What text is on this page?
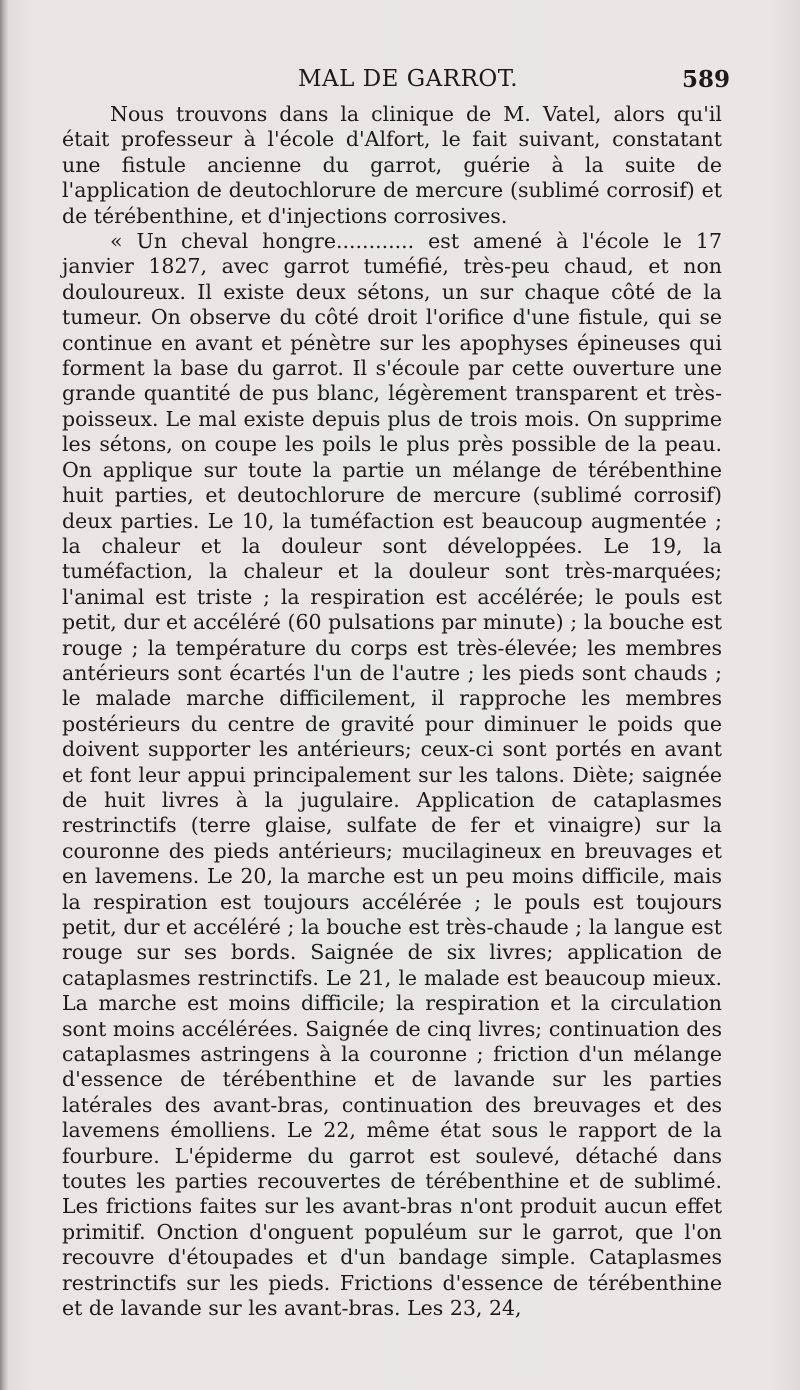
MAL DE GARROT.	589

Nous trouvons dans la clinique de M. Vatel, alors qu'il était professeur à l'école d'Alfort, le fait suivant, constatant une fistule ancienne du garrot, guérie à la suite de l'application de deutochlorure de mercure (sublimé corrosif) et de térébenthine, et d'injections corrosives.

« Un cheval hongre............ est amené à l'école le 17 janvier 1827, avec garrot tuméfié, très-peu chaud, et non douloureux. Il existe deux sétons, un sur chaque côté de la tumeur. On observe du côté droit l'orifice d'une fistule, qui se continue en avant et pénètre sur les apophyses épineuses qui forment la base du garrot. Il s'écoule par cette ouverture une grande quantité de pus blanc, légèrement transparent et très-poisseux. Le mal existe depuis plus de trois mois. On supprime les sétons, on coupe les poils le plus près possible de la peau. On applique sur toute la partie un mélange de térébenthine huit parties, et deutochlorure de mercure (sublimé corrosif) deux parties. Le 10, la tuméfaction est beaucoup augmentée ; la chaleur et la douleur sont développées. Le 19, la tuméfaction, la chaleur et la douleur sont très-marquées; l'animal est triste ; la respiration est accélérée; le pouls est petit, dur et accéléré (60 pulsations par minute) ; la bouche est rouge ; la température du corps est très-élevée; les membres antérieurs sont écartés l'un de l'autre ; les pieds sont chauds ; le malade marche difficilement, il rapproche les membres postérieurs du centre de gravité pour diminuer le poids que doivent supporter les antérieurs; ceux-ci sont portés en avant et font leur appui principalement sur les talons. Diète; saignée de huit livres à la jugulaire. Application de cataplasmes restrinctifs (terre glaise, sulfate de fer et vinaigre) sur la couronne des pieds antérieurs; mucilagineux en breuvages et en lavemens. Le 20, la marche est un peu moins difficile, mais la respiration est toujours accélérée ; le pouls est toujours petit, dur et accéléré ; la bouche est très-chaude ; la langue est rouge sur ses bords. Saignée de six livres; application de cataplasmes restrinctifs. Le 21, le malade est beaucoup mieux. La marche est moins difficile; la respiration et la circulation sont moins accélérées. Saignée de cinq livres; continuation des cataplasmes astringens à la couronne ; friction d'un mélange d'essence de térébenthine et de lavande sur les parties latérales des avant-bras, continuation des breuvages et des lavemens émolliens. Le 22, même état sous le rapport de la fourbure. L'épiderme du garrot est soulevé, détaché dans toutes les parties recouvertes de térébenthine et de sublimé. Les frictions faites sur les avant-bras n'ont produit aucun effet primitif. Onction d'onguent populéum sur le garrot, que l'on recouvre d'étoupades et d'un bandage simple. Cataplasmes restrinctifs sur les pieds. Frictions d'essence de térébenthine et de lavande sur les avant-bras. Les 23, 24,
